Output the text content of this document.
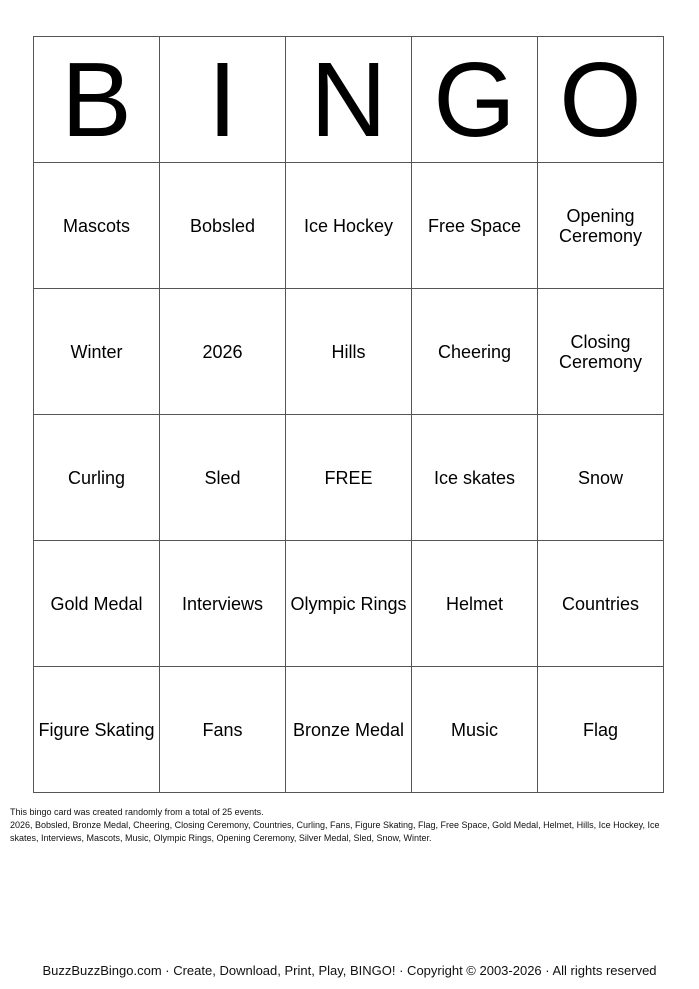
B	I	N	G	O
Mascots	Bobsled	Ice Hockey	Free Space	Opening Ceremony
Winter	2026	Hills	Cheering	Closing Ceremony
Curling	Sled	FREE	Ice skates	Snow
Gold Medal	Interviews	Olympic Rings	Helmet	Countries
Figure Skating	Fans	Bronze Medal	Music	Flag
This bingo card was created randomly from a total of 25 events.
2026, Bobsled, Bronze Medal, Cheering, Closing Ceremony, Countries, Curling, Fans, Figure Skating, Flag, Free Space, Gold Medal, Helmet, Hills, Ice Hockey, Ice skates, Interviews, Mascots, Music, Olympic Rings, Opening Ceremony, Silver Medal, Sled, Snow, Winter.
BuzzBuzzBingo.com · Create, Download, Print, Play, BINGO! · Copyright © 2003-2026 · All rights reserved
